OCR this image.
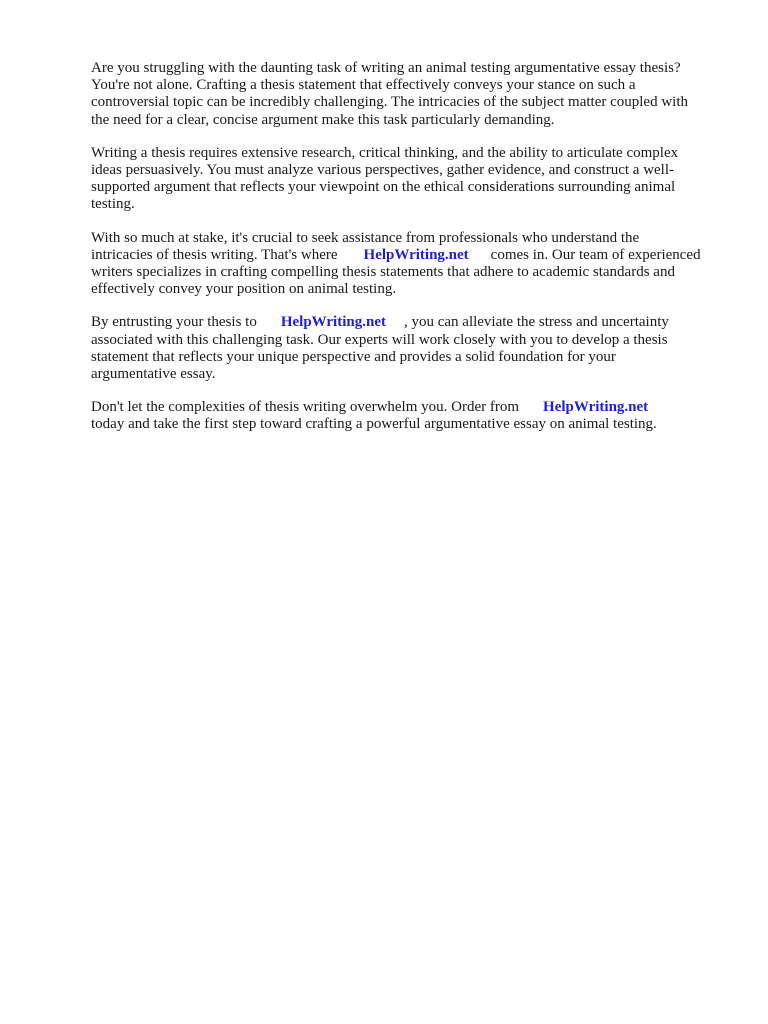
Are you struggling with the daunting task of writing an animal testing argumentative essay thesis?
You're not alone. Crafting a thesis statement that effectively conveys your stance on such a
controversial topic can be incredibly challenging. The intricacies of the subject matter coupled with
the need for a clear, concise argument make this task particularly demanding.

Writing a thesis requires extensive research, critical thinking, and the ability to articulate complex
ideas persuasively. You must analyze various perspectives, gather evidence, and construct a well-
supported argument that reflects your viewpoint on the ethical considerations surrounding animal
testing.

With so much at stake, it's crucial to seek assistance from professionals who understand the
intricacies of thesis writing. That's where HelpWriting.net comes in. Our team of experienced
writers specializes in crafting compelling thesis statements that adhere to academic standards and
effectively convey your position on animal testing.

By entrusting your thesis to HelpWriting.net , you can alleviate the stress and uncertainty
associated with this challenging task. Our experts will work closely with you to develop a thesis
statement that reflects your unique perspective and provides a solid foundation for your
argumentative essay.

Don't let the complexities of thesis writing overwhelm you. Order from HelpWriting.net
today and take the first step toward crafting a powerful argumentative essay on animal testing.
